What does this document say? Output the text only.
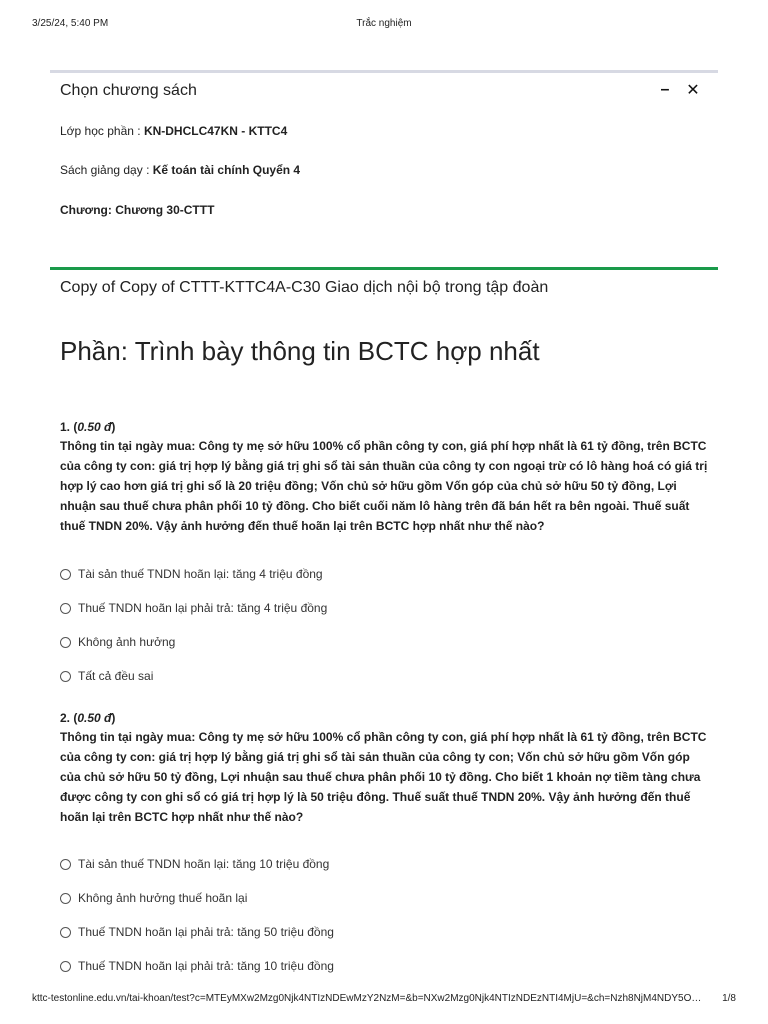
3/25/24, 5:40 PM	Trắc nghiệm
Chọn chương sách	– ✕
Lớp học phần : KN-DHCLC47KN - KTTC4
Sách giảng dạy : Kế toán tài chính Quyển 4
Chương: Chương 30-CTTT
Copy of Copy of CTTT-KTTC4A-C30 Giao dịch nội bộ trong tập đoàn
Phần: Trình bày thông tin BCTC hợp nhất
1. (0.50 đ)
Thông tin tại ngày mua: Công ty mẹ sở hữu 100% cổ phần công ty con, giá phí hợp nhất là 61 tỷ đồng, trên BCTC của công ty con: giá trị hợp lý bằng giá trị ghi sổ tài sản thuần của công ty con ngoại trừ có lô hàng hoá có giá trị hợp lý cao hơn giá trị ghi sổ là 20 triệu đồng; Vốn chủ sở hữu gồm Vốn góp của chủ sở hữu 50 tỷ đồng, Lợi nhuận sau thuế chưa phân phối 10 tỷ đồng. Cho biết cuối năm lô hàng trên đã bán hết ra bên ngoài. Thuế suất thuế TNDN 20%. Vậy ảnh hưởng đến thuế hoãn lại trên BCTC hợp nhất như thế nào?
Tài sản thuế TNDN hoãn lại: tăng 4 triệu đồng
Thuế TNDN hoãn lại phải trả: tăng 4 triệu đồng
Không ảnh hưởng
Tất cả đều sai
2. (0.50 đ)
Thông tin tại ngày mua: Công ty mẹ sở hữu 100% cổ phần công ty con, giá phí hợp nhất là 61 tỷ đồng, trên BCTC của công ty con: giá trị hợp lý bằng giá trị ghi sổ tài sản thuần của công ty con; Vốn chủ sở hữu gồm Vốn góp của chủ sở hữu 50 tỷ đồng, Lợi nhuận sau thuế chưa phân phối 10 tỷ đồng. Cho biết 1 khoản nợ tiềm tàng chưa được công ty con ghi sổ có giá trị hợp lý là 50 triệu đông. Thuế suất thuế TNDN 20%. Vậy ảnh hưởng đến thuế hoãn lại trên BCTC hợp nhất như thế nào?
Tài sản thuế TNDN hoãn lại: tăng 10 triệu đồng
Không ảnh hưởng thuế hoãn lại
Thuế TNDN hoãn lại phải trả: tăng 50 triệu đồng
Thuế TNDN hoãn lại phải trả: tăng 10 triệu đồng
kttc-testonline.edu.vn/tai-khoan/test?c=MTEyMXw2Mzg0Njk4NTIzNDEwMzY2NzM=&b=NXw2Mzg0Njk4NTIzNDEzNTI4MjU=&ch=Nzh8NjM4NDY5O… 1/8
